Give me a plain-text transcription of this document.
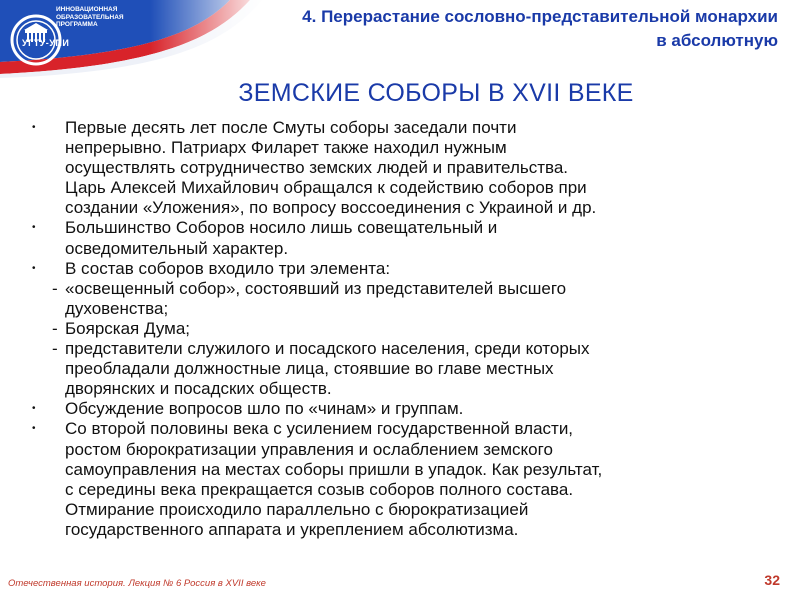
ИННОВАЦИОННАЯ
ОБРАЗОВАТЕЛЬНАЯ
ПРОГРАММА
УГТУ-УПИ
4. Перерастание сословно-представительной монархии
в абсолютную
ЗЕМСКИЕ СОБОРЫ В XVII ВЕКЕ
• Первые десять лет после Смуты соборы заседали почти
непрерывно. Патриарх Филарет также находил нужным
осуществлять сотрудничество земских людей и правительства.
Царь Алексей Михайлович обращался к содействию соборов при
создании «Уложения», по вопросу воссоединения с Украиной и др.
• Большинство Соборов носило лишь совещательный и
осведомительный характер.
• В состав соборов входило три элемента:
- «освещенный собор», состоявший из представителей высшего
духовенства;
- Боярская Дума;
- представители служилого и посадского населения, среди которых
преобладали должностные лица, стоявшие во главе местных
дворянских и посадских обществ.
• Обсуждение вопросов шло по «чинам» и группам.
• Со второй половины века с усилением государственной власти,
ростом бюрократизации управления и ослаблением земского
самоуправления на местах соборы пришли в упадок. Как результат,
с середины века прекращается созыв соборов полного состава.
Отмирание происходило параллельно с бюрократизацией
государственного аппарата и укреплением абсолютизма.
Отечественная история. Лекция № 6 Россия в XVII веке	32
